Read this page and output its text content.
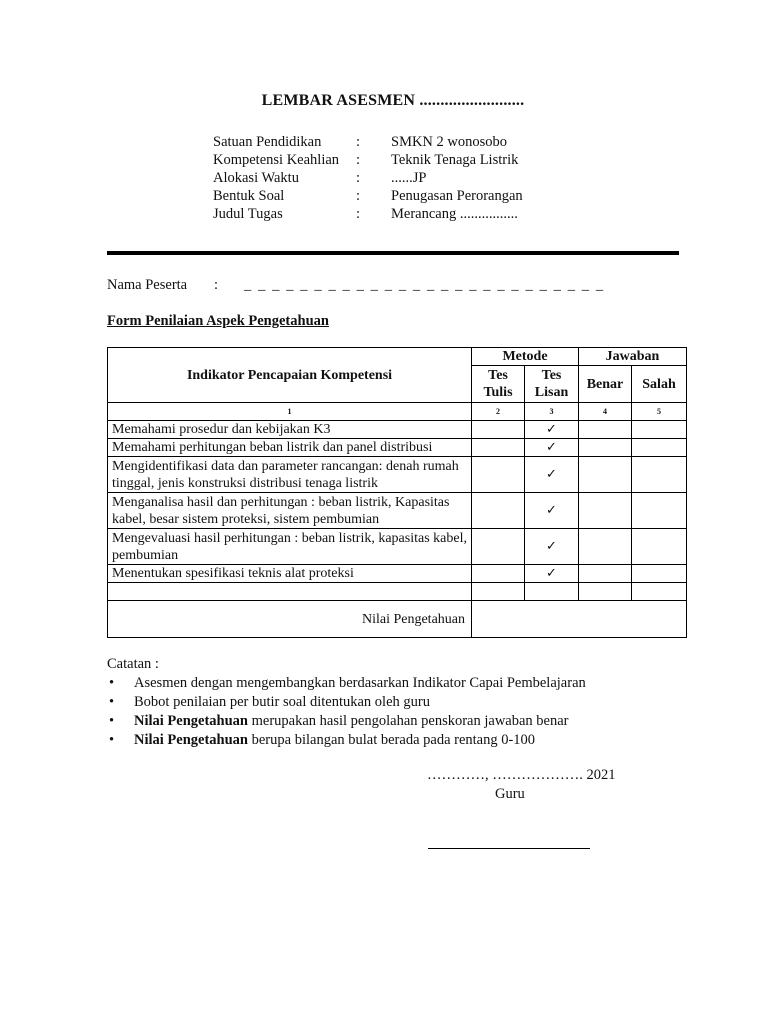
LEMBAR ASESMEN .........................
Satuan Pendidikan	:	SMKN 2 wonosobo
Kompetensi Keahlian	:	Teknik Tenaga Listrik
Alokasi Waktu	:	......JP
Bentuk Soal	:	Penugasan Perorangan
Judul Tugas	:	Merancang ................
Nama Peserta	:	_ _ _ _ _ _ _ _ _ _ _ _ _ _ _ _ _ _ _ _ _ _ _ _ _ _
Form Penilaian Aspek Pengetahuan
Indikator Pencapaian Kompetensi	Metode		Jawaban	
	Tes Tulis	Tes Lisan	Benar	Salah
1	2	3	4	5
Memahami prosedur dan kebijakan K3		✓		
Memahami perhitungan beban listrik dan panel distribusi		✓		
Mengidentifikasi data dan parameter rancangan: denah rumah tinggal, jenis konstruksi distribusi tenaga listrik		✓		
Menganalisa hasil dan perhitungan : beban listrik, Kapasitas kabel, besar sistem proteksi, sistem pembumian		✓		
Mengevaluasi hasil perhitungan : beban listrik, kapasitas kabel, pembumian		✓		
Menentukan spesifikasi teknis alat proteksi		✓		

Nilai Pengetahuan				
Catatan :
• Asesmen dengan mengembangkan berdasarkan Indikator Capai Pembelajaran
• Bobot penilaian per butir soal ditentukan oleh guru
• Nilai Pengetahuan merupakan hasil pengolahan penskoran jawaban benar
• Nilai Pengetahuan berupa bilangan bulat berada pada rentang 0-100
…………, ………………. 2021
Guru
